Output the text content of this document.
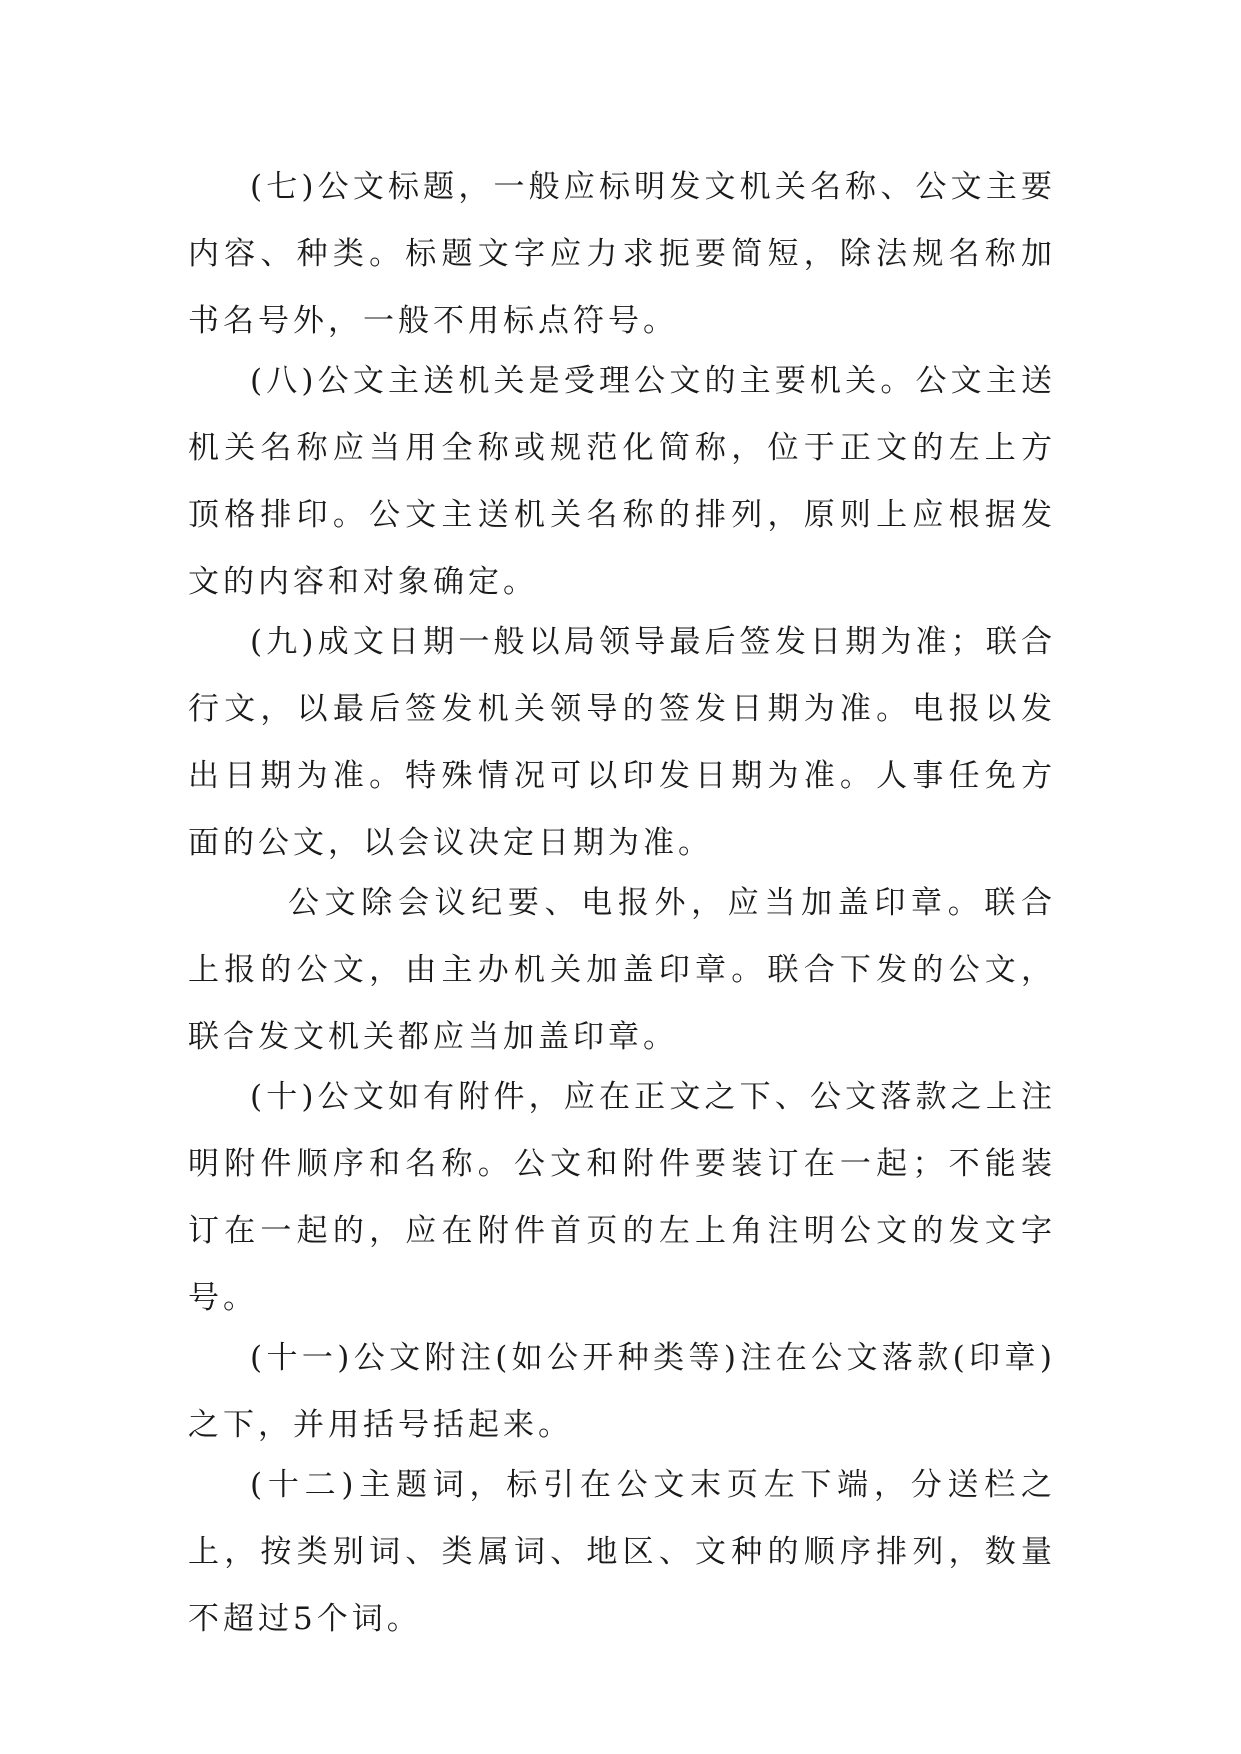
(七)公文标题，一般应标明发文机关名称、公文主要内容、种类。标题文字应力求扼要简短，除法规名称加书名号外，一般不用标点符号。

(八)公文主送机关是受理公文的主要机关。公文主送机关名称应当用全称或规范化简称，位于正文的左上方顶格排印。公文主送机关名称的排列，原则上应根据发文的内容和对象确定。

(九)成文日期一般以局领导最后签发日期为准；联合行文，以最后签发机关领导的签发日期为准。电报以发出日期为准。特殊情况可以印发日期为准。人事任免方面的公文，以会议决定日期为准。

公文除会议纪要、电报外，应当加盖印章。联合上报的公文，由主办机关加盖印章。联合下发的公文，联合发文机关都应当加盖印章。

(十)公文如有附件，应在正文之下、公文落款之上注明附件顺序和名称。公文和附件要装订在一起；不能装订在一起的，应在附件首页的左上角注明公文的发文字号。

(十一)公文附注(如公开种类等)注在公文落款(印章)之下，并用括号括起来。

(十二)主题词，标引在公文末页左下端，分送栏之上，按类别词、类属词、地区、文种的顺序排列，数量不超过5个词。
